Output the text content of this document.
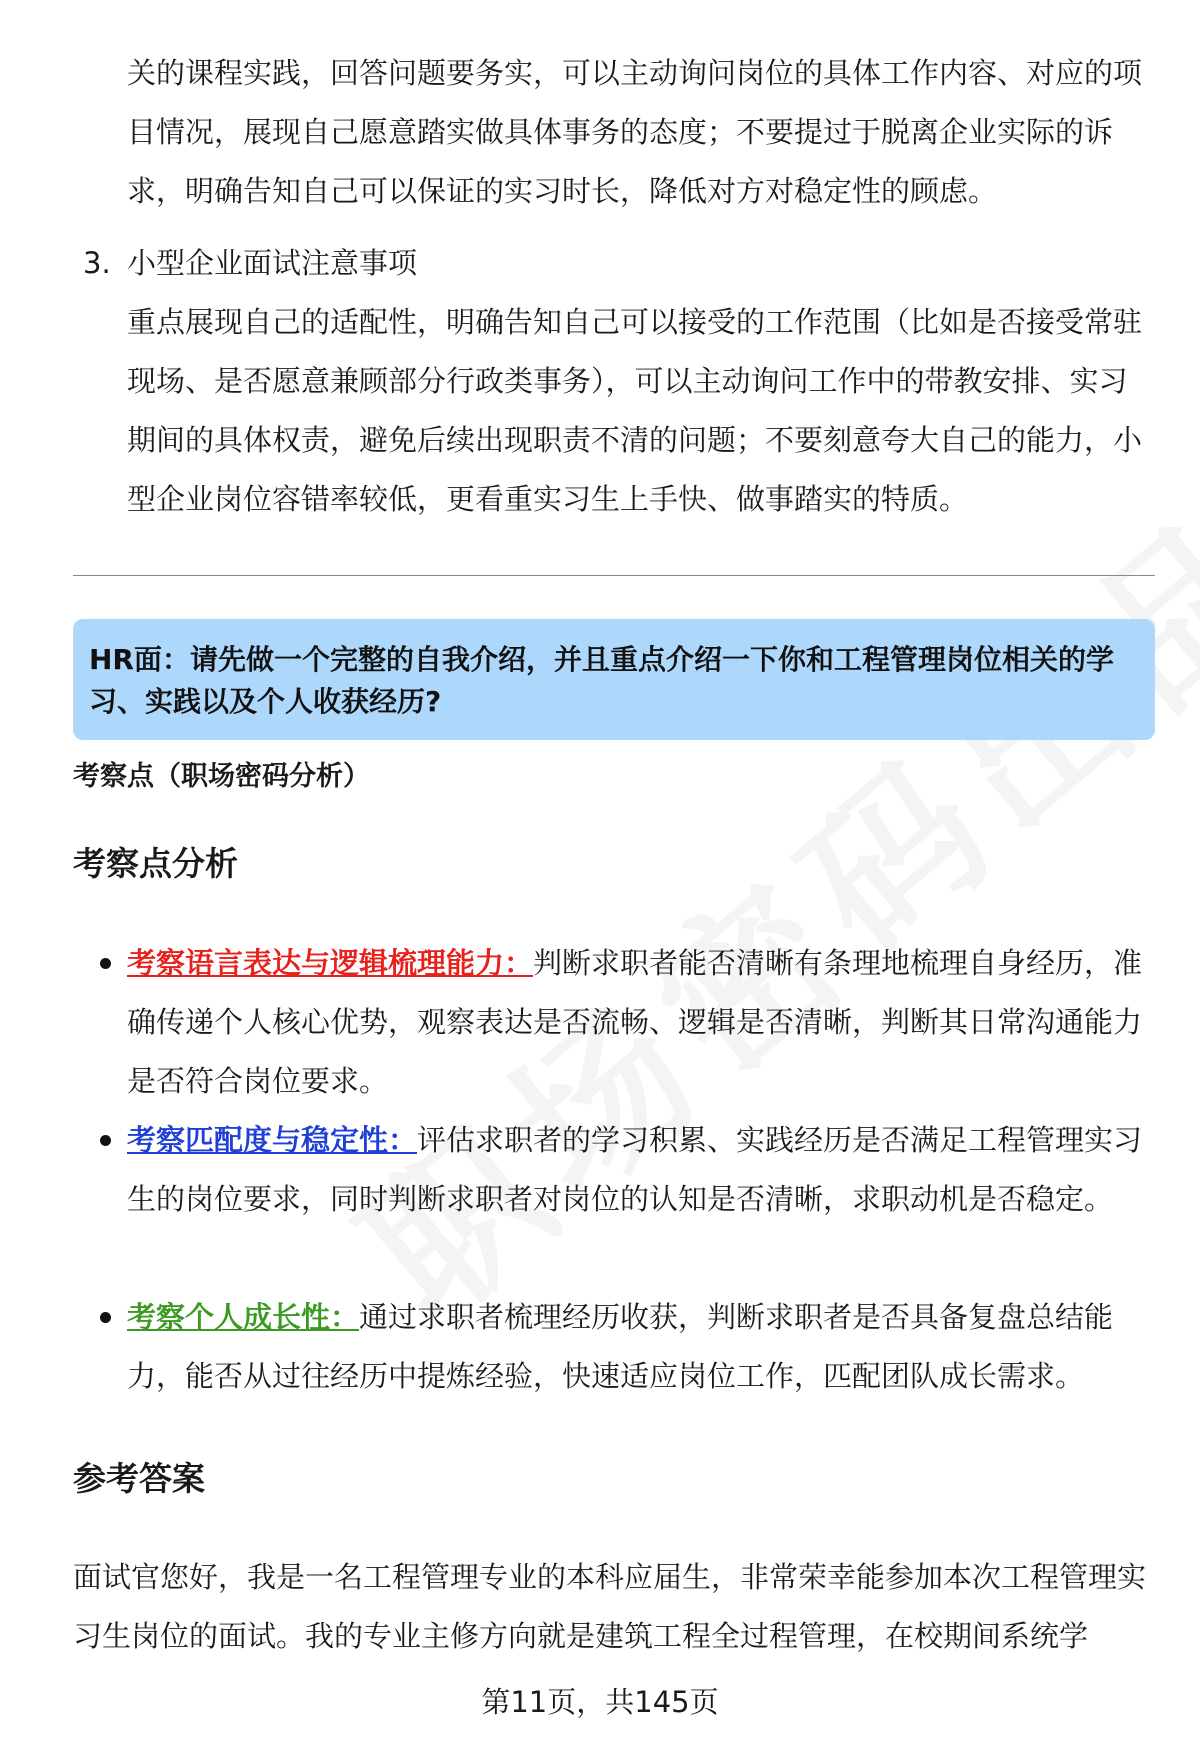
关的课程实践，回答问题要务实，可以主动询问岗位的具体工作内容、对应的项目情况，展现自己愿意踏实做具体事务的态度；不要提过于脱离企业实际的诉求，明确告知自己可以保证的实习时长，降低对方对稳定性的顾虑。

3. 小型企业面试注意事项

重点展现自己的适配性，明确告知自己可以接受的工作范围（比如是否接受常驻现场、是否愿意兼顾部分行政类事务），可以主动询问工作中的带教安排、实习期间的具体权责，避免后续出现职责不清的问题；不要刻意夸大自己的能力，小型企业岗位容错率较低，更看重实习生上手快、做事踏实的特质。

HR面：请先做一个完整的自我介绍，并且重点介绍一下你和工程管理岗位相关的学习、实践以及个人收获经历?

考察点（职场密码分析）
考察点分析
考察语言表达与逻辑梳理能力：判断求职者能否清晰有条理地梳理自身经历，准确传递个人核心优势，观察表达是否流畅、逻辑是否清晰，判断其日常沟通能力是否符合岗位要求。
考察匹配度与稳定性：评估求职者的学习积累、实践经历是否满足工程管理实习生的岗位要求，同时判断求职者对岗位的认知是否清晰，求职动机是否稳定。
考察个人成长性：通过求职者梳理经历收获，判断求职者是否具备复盘总结能力，能否从过往经历中提炼经验，快速适应岗位工作，匹配团队成长需求。
参考答案

面试官您好，我是一名工程管理专业的本科应届生，非常荣幸能参加本次工程管理实习生岗位的面试。我的专业主修方向就是建筑工程全过程管理，在校期间系统学

第11页，共145页
